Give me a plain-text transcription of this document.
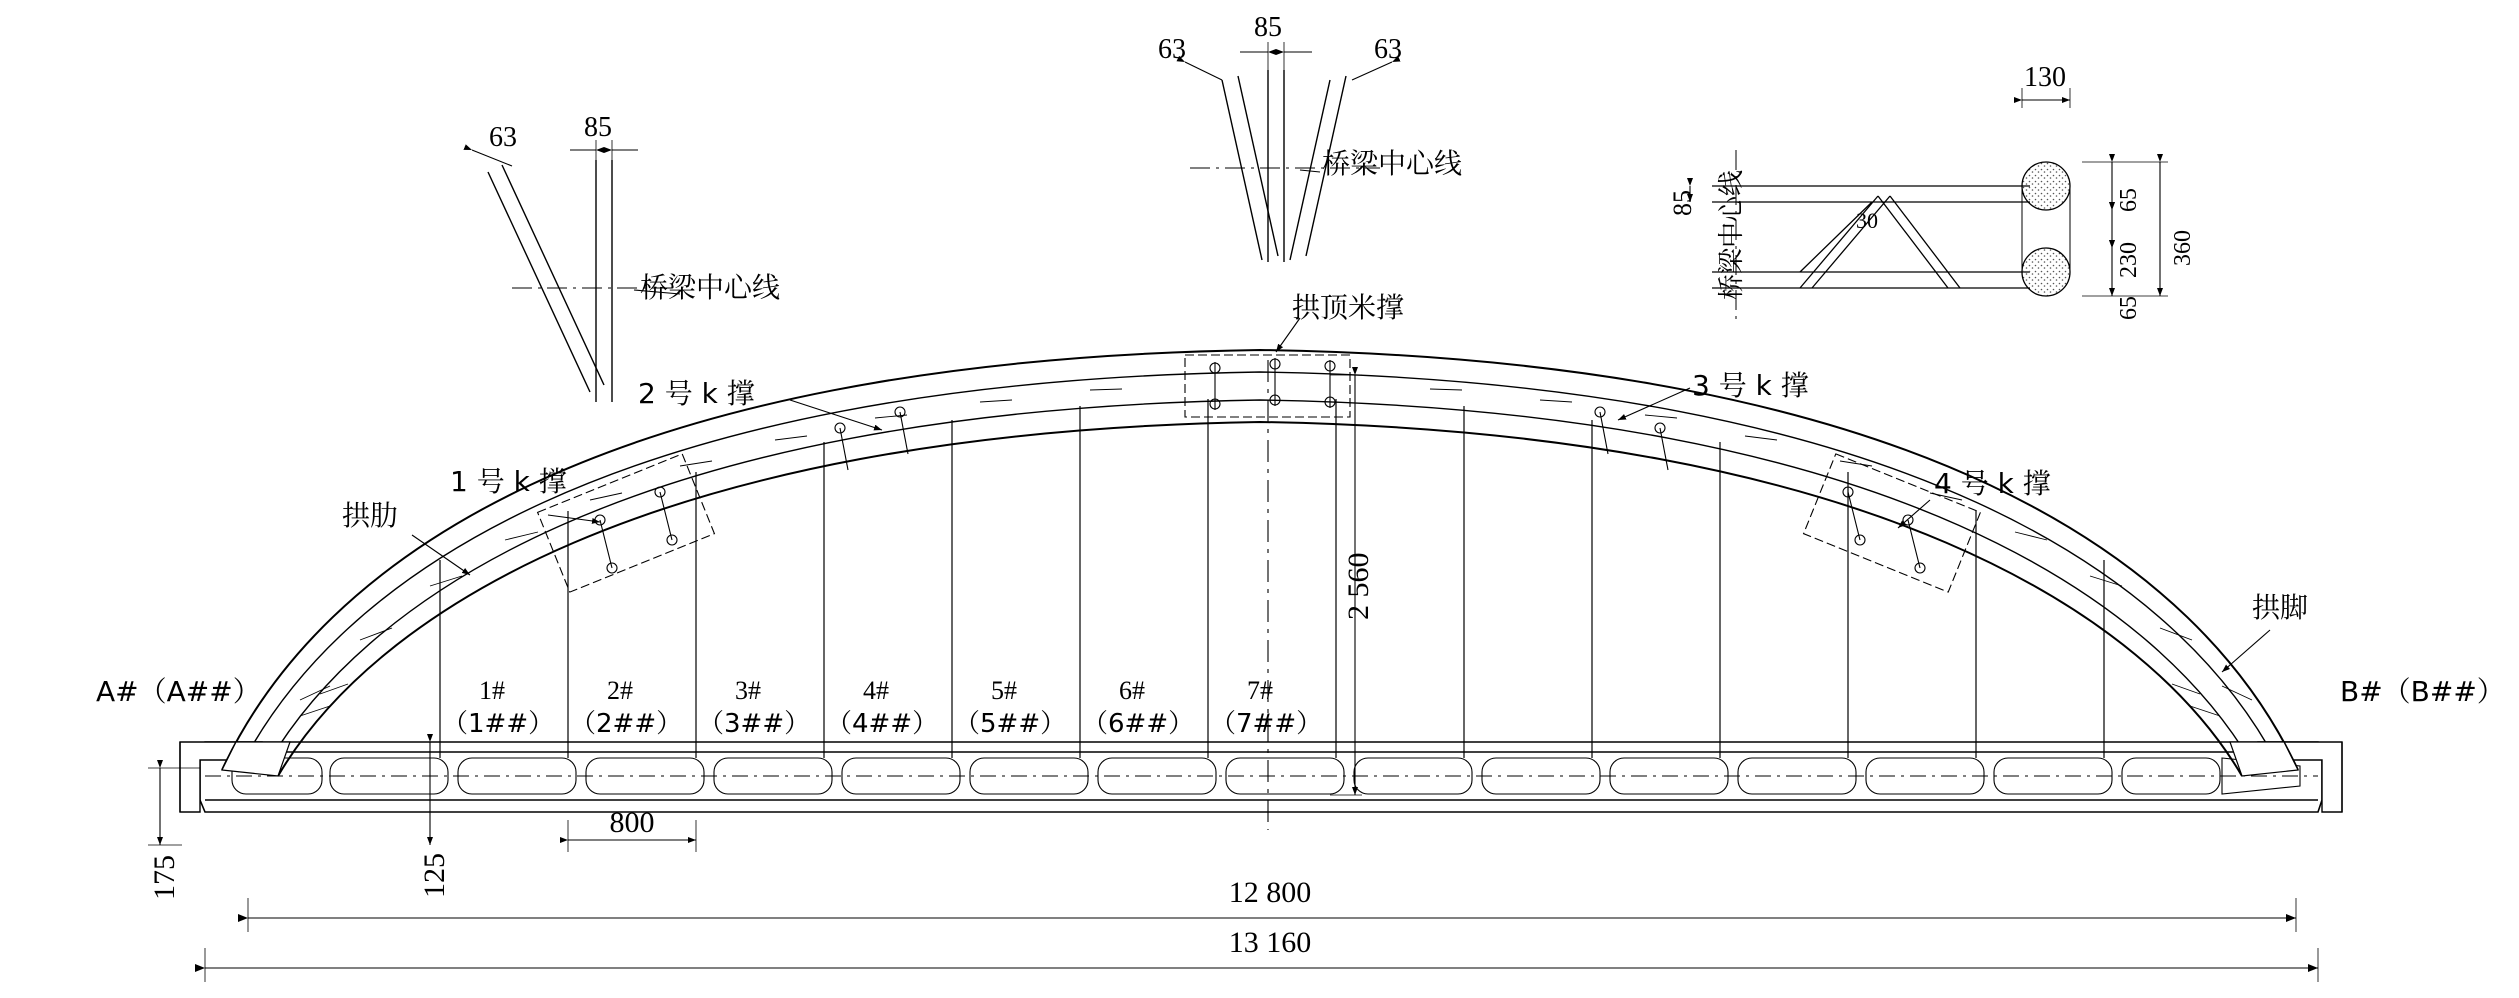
63 85
63
85
63
130
85	65
230
65
360
30
桥梁中心线
桥梁中心线
桥梁中心线
拱顶米撑
2 号 k 撑
1 号 k 撑
3 号 k 撑
4 号 k 撑
拱肋
拱脚
A#（A##）	B#（B##）
1#
（1##）
2#
（2##）
3#
（3##）
4#
（4##）
5#
（5##）
6#
（6##）
7#
（7##）
2 560
175	125
800
12 800
13 160
